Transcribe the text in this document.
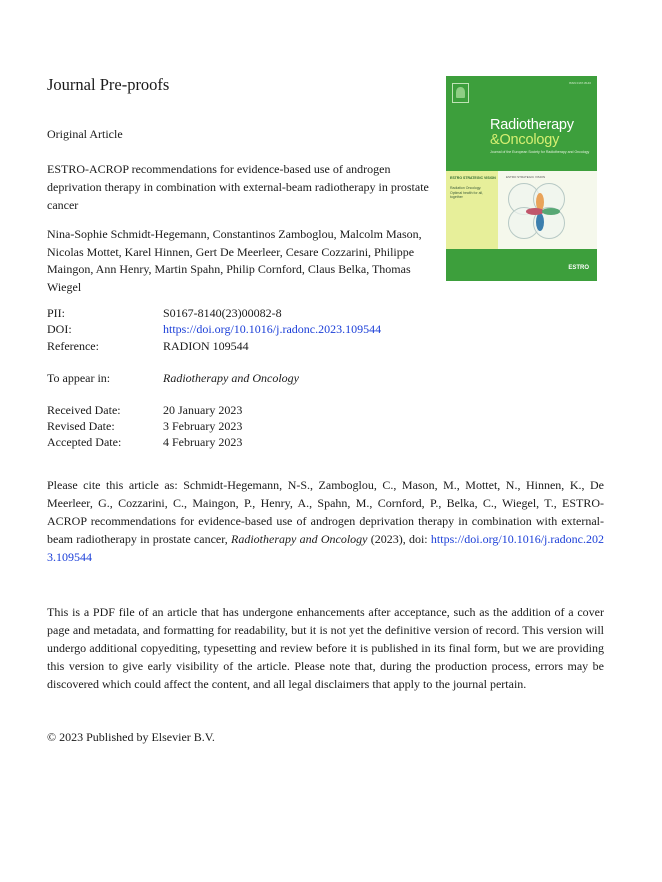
Journal Pre-proofs
Original Article
ESTRO-ACROP recommendations for evidence-based use of androgen deprivation therapy in combination with external-beam radiotherapy in prostate cancer
Nina-Sophie Schmidt-Hegemann, Constantinos Zamboglou, Malcolm Mason, Nicolas Mottet, Karel Hinnen, Gert De Meerleer, Cesare Cozzarini, Philippe Maingon, Ann Henry, Martin Spahn, Philip Cornford, Claus Belka, Thomas Wiegel
PII:	S0167-8140(23)00082-8
DOI:	https://doi.org/10.1016/j.radonc.2023.109544
Reference:	RADION 109544
To appear in:	Radiotherapy and Oncology
Received Date:	20 January 2023
Revised Date:	3 February 2023
Accepted Date:	4 February 2023
Please cite this article as: Schmidt-Hegemann, N-S., Zamboglou, C., Mason, M., Mottet, N., Hinnen, K., De Meerleer, G., Cozzarini, C., Maingon, P., Henry, A., Spahn, M., Cornford, P., Belka, C., Wiegel, T., ESTRO-ACROP recommendations for evidence-based use of androgen deprivation therapy in combination with external-beam radiotherapy in prostate cancer, Radiotherapy and Oncology (2023), doi: https://doi.org/10.1016/j.radonc.2023.109544
This is a PDF file of an article that has undergone enhancements after acceptance, such as the addition of a cover page and metadata, and formatting for readability, but it is not yet the definitive version of record. This version will undergo additional copyediting, typesetting and review before it is published in its final form, but we are providing this version to give early visibility of the article. Please note that, during the production process, errors may be discovered which could affect the content, and all legal disclaimers that apply to the journal pertain.
© 2023 Published by Elsevier B.V.
ISSN 0167-8140
Radiotherapy
&Oncology
Journal of the European Society for Radiotherapy and Oncology
ESTRO STRATEGIC VISION
Radiation Oncology. Optimal health for all, together
ESTRO STRATEGIC VISION
ESTRO
